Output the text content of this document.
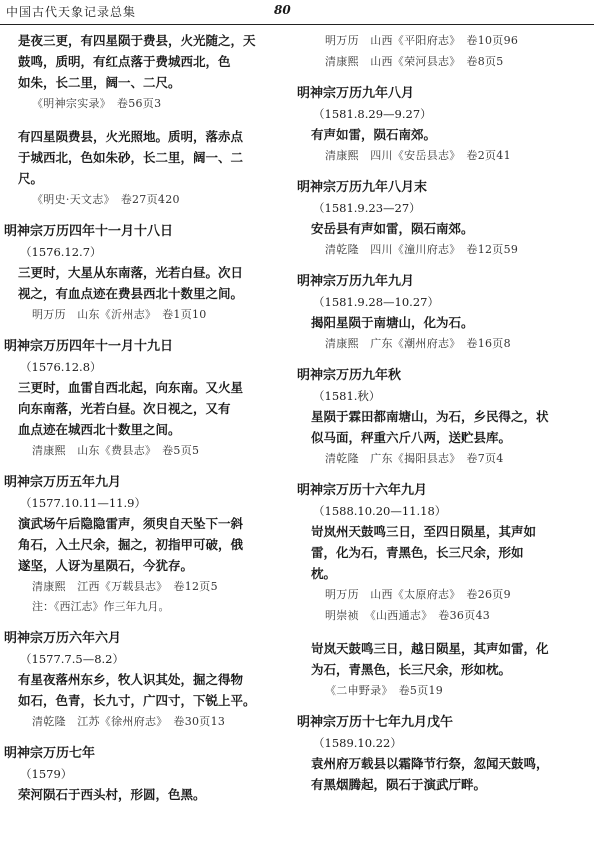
中国古代天象记录总集	80
是夜三更，有四星陨于费县，火光随之，天
鼓鸣，质明，有红点落于费城西北，色
如朱，长二里，阔一、二尺。
《明神宗实录》　卷56页3
有四星陨费县，火光照地。质明，落赤点
于城西北，色如朱砂，长二里，阔一、二
尺。
《明史·天文志》　卷27页420
明神宗万历四年十一月十八日
（1576.12.7）
三更时，大星从东南落，光若白昼。次日
视之，有血点迹在费县西北十数里之间。
明万历　山东《沂州志》　卷1页10
明神宗万历四年十一月十九日
（1576.12.8）
三更时，血雷自西北起，向东南。又火星
向东南落，光若白昼。次日视之，又有
血点迹在城西北十数里之间。
清康熙　山东《费县志》　卷5页5
明神宗万历五年九月
（1577.10.11—11.9）
演武场午后隐隐雷声，须臾自天坠下一斜
角石，入土尺余，掘之，初指甲可破，俄
遂坚，人讶为星陨石，今犹存。
清康熙　江西《万载县志》　卷12页5
注：《西江志》作三年九月。
明神宗万历六年六月
（1577.7.5—8.2）
有星夜落州东乡，牧人识其处，掘之得物
如石，色青，长九寸，广四寸，下锐上平。
清乾隆　江苏《徐州府志》　卷30页13
明神宗万历七年
（1579）
荣河陨石于西头村，形圆，色黑。
明万历　山西《平阳府志》　卷10页96
清康熙　山西《荣河县志》　卷8页5
明神宗万历九年八月
（1581.8.29—9.27）
有声如雷，陨石南郊。
清康熙　四川《安岳县志》　卷2页41
明神宗万历九年八月末
（1581.9.23—27）
安岳县有声如雷，陨石南郊。
清乾隆　四川《潼川府志》　卷12页59
明神宗万历九年九月
（1581.9.28—10.27）
揭阳星陨于南塘山，化为石。
清康熙　广东《潮州府志》　卷16页8
明神宗万历九年秋
（1581.秋）
星陨于霖田都南塘山，为石，乡民得之，状
似马面，秤重六斤八两，送贮县库。
清乾隆　广东《揭阳县志》　卷7页4
明神宗万历十六年九月
（1588.10.20—11.18）
岢岚州天鼓鸣三日，至四日陨星，其声如
雷，化为石，青黑色，长三尺余，形如
枕。
明万历　山西《太原府志》　卷26页9
明崇祯　《山西通志》　卷36页43
岢岚天鼓鸣三日，越日陨星，其声如雷，化
为石，青黑色，长三尺余，形如枕。
《二申野录》　卷5页19
明神宗万历十七年九月戊午
（1589.10.22）
袁州府万载县以霜降节行祭，忽闻天鼓鸣，
有黑烟腾起，陨石于演武厅畔。
